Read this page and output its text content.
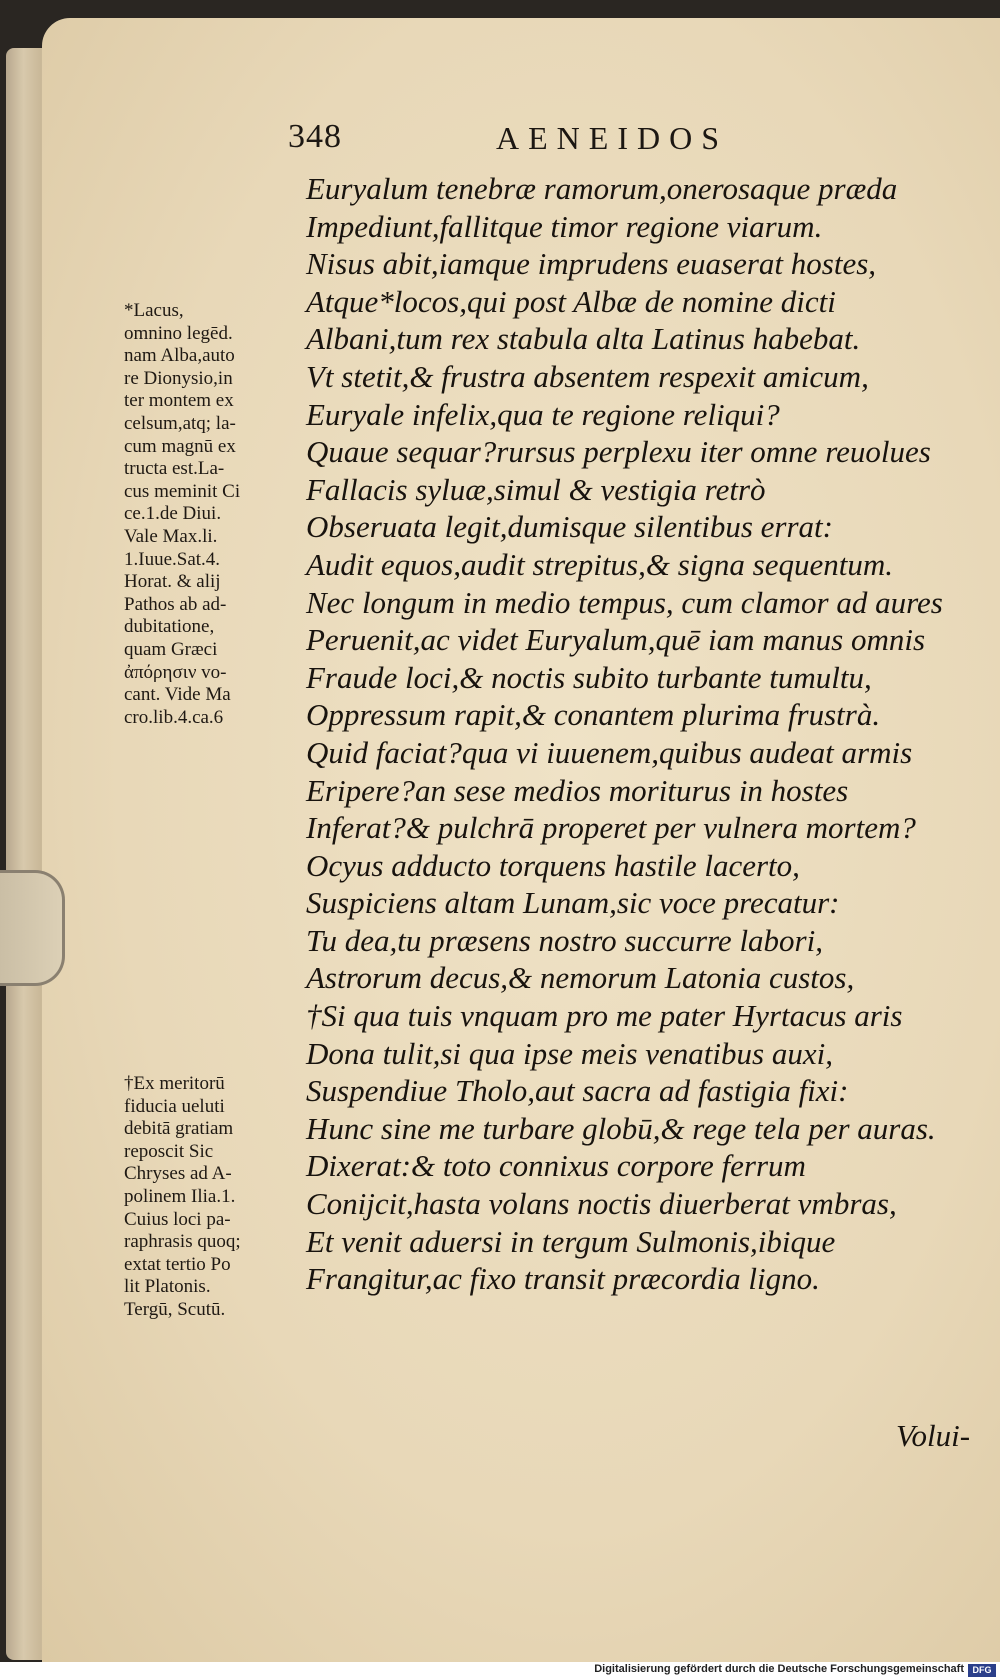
348	AENEIDOS
Euryalum tenebræ ramorum,onerosaque præda
Impediunt,fallitque timor regione viarum.
Nisus abit,iamque imprudens euaserat hostes,
Atque*locos,qui post Albæ de nomine dicti
Albani,tum rex stabula alta Latinus habebat.
Vt stetit,& frustra absentem respexit amicum,
Euryale infelix,qua te regione reliqui?
Quaue sequar?rursus perplexu iter omne reuolues
Fallacis syluæ,simul & vestigia retrò
Obseruata legit,dumisque silentibus errat:
Audit equos,audit strepitus,& signa sequentum.
Nec longum in medio tempus, cum clamor ad aures
Peruenit,ac videt Euryalum,quē iam manus omnis
Fraude loci,& noctis subito turbante tumultu,
Oppressum rapit,& conantem plurima frustrà.
Quid faciat?qua vi iuuenem,quibus audeat armis
Eripere?an sese medios moriturus in hostes
Inferat?& pulchrā properet per vulnera mortem?
Ocyus adducto torquens hastile lacerto,
Suspiciens altam Lunam,sic voce precatur:
Tu dea,tu præsens nostro succurre labori,
Astrorum decus,& nemorum Latonia custos,
†Si qua tuis vnquam pro me pater Hyrtacus aris
Dona tulit,si qua ipse meis venatibus auxi,
Suspendiue Tholo,aut sacra ad fastigia fixi:
Hunc sine me turbare globū,& rege tela per auras.
Dixerat:& toto connixus corpore ferrum
Conijcit,hasta volans noctis diuerberat vmbras,
Et venit aduersi in tergum Sulmonis,ibique
Frangitur,ac fixo transit præcordia ligno.
*Lacus,
omnino legēd.
nam Alba,auto
re Dionysio,in
ter montem ex
celsum,atq; la-
cum magnū ex
tructa est.La-
cus meminit Ci
ce.1.de Diui.
Vale Max.li.
1.Iuue.Sat.4.
Horat. & alij
Pathos ab ad-
dubitatione,
quam Græci
ἀπόρησιν vo-
cant. Vide Ma
cro.lib.4.ca.6
†Ex meritorū
fiducia ueluti
debitā gratiam
reposcit Sic
Chryses ad A-
polinem Ilia.1.
Cuius loci pa-
raphrasis quoq;
extat tertio Po
lit Platonis.
Tergū, Scutū.
Volui-
Digitalisierung gefördert durch die Deutsche Forschungsgemeinschaft DFG
